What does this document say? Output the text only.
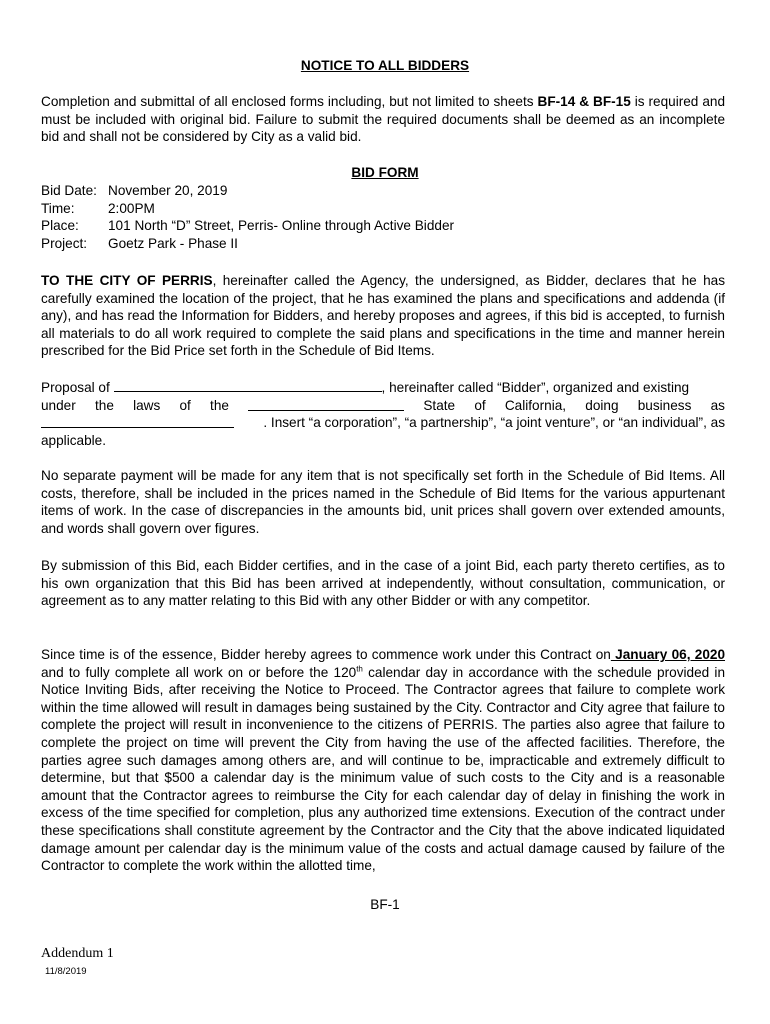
NOTICE TO ALL BIDDERS
Completion and submittal of all enclosed forms including, but not limited to sheets BF-14 & BF-15 is required and must be included with original bid. Failure to submit the required documents shall be deemed as an incomplete bid and shall not be considered by City as a valid bid.
BID FORM
Bid Date: November 20, 2019
Time:	2:00PM
Place:	101 North “D” Street, Perris- Online through Active Bidder
Project:	Goetz Park - Phase II
TO THE CITY OF PERRIS, hereinafter called the Agency, the undersigned, as Bidder, declares that he has carefully examined the location of the project, that he has examined the plans and specifications and addenda (if any), and has read the Information for Bidders, and hereby proposes and agrees, if this bid is accepted, to furnish all materials to do all work required to complete the said plans and specifications in the time and manner herein prescribed for the Bid Price set forth in the Schedule of Bid Items.
Proposal of	, hereinafter called “Bidder”, organized and existing
under the laws of the	State of California, doing business as
. Insert “a corporation”, “a partnership”, “a joint venture”, or “an individual”, as
applicable.
No separate payment will be made for any item that is not specifically set forth in the Schedule of Bid Items. All costs, therefore, shall be included in the prices named in the Schedule of Bid Items for the various appurtenant items of work. In the case of discrepancies in the amounts bid, unit prices shall govern over extended amounts, and words shall govern over figures.
By submission of this Bid, each Bidder certifies, and in the case of a joint Bid, each party thereto certifies, as to his own organization that this Bid has been arrived at independently, without consultation, communication, or agreement as to any matter relating to this Bid with any other Bidder or with any competitor.
Since time is of the essence, Bidder hereby agrees to commence work under this Contract on January 06, 2020 and to fully complete all work on or before the 120th calendar day in accordance with the schedule provided in Notice Inviting Bids, after receiving the Notice to Proceed. The Contractor agrees that failure to complete work within the time allowed will result in damages being sustained by the City. Contractor and City agree that failure to complete the project will result in inconvenience to the citizens of PERRIS. The parties also agree that failure to complete the project on time will prevent the City from having the use of the affected facilities. Therefore, the parties agree such damages among others are, and will continue to be, impracticable and extremely difficult to determine, but that $500 a calendar day is the minimum value of such costs to the City and is a reasonable amount that the Contractor agrees to reimburse the City for each calendar day of delay in finishing the work in excess of the time specified for completion, plus any authorized time extensions. Execution of the contract under these specifications shall constitute agreement by the Contractor and the City that the above indicated liquidated damage amount per calendar day is the minimum value of the costs and actual damage caused by failure of the Contractor to complete the work within the allotted time,
BF-1
Addendum 1
11/8/2019
